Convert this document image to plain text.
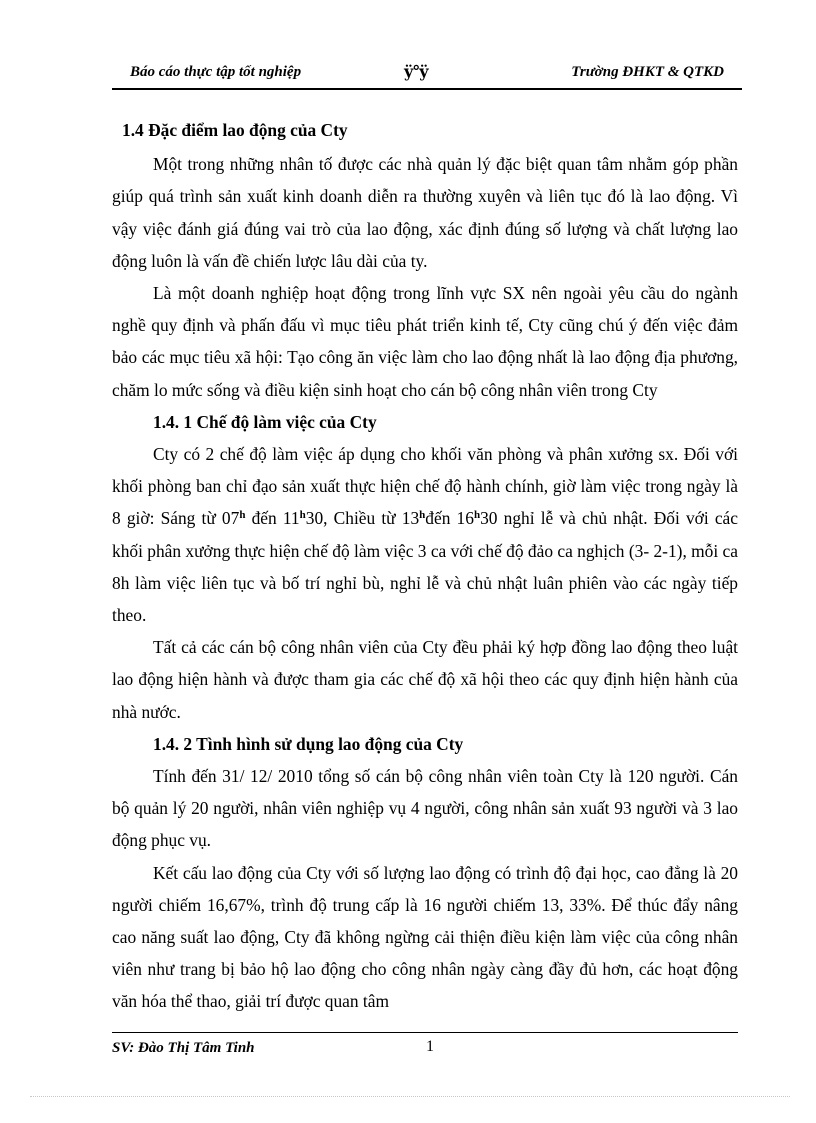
Báo cáo thực tập tốt nghiệp	ÿ°ÿ	Trường ĐHKT & QTKD
1.4 Đặc điểm lao động của Cty

Một trong những nhân tố được các nhà quản lý đặc biệt quan tâm nhằm góp phần giúp quá trình sản xuất kinh doanh diễn ra thường xuyên và liên tục đó là lao động. Vì vậy việc đánh giá đúng vai trò của lao động, xác định đúng số lượng và chất lượng lao động luôn là vấn đề chiến lược lâu dài của ty.

Là một doanh nghiệp hoạt động trong lĩnh vực SX nên ngoài yêu cầu do ngành nghề quy định và phấn đấu vì mục tiêu phát triển kinh tế, Cty cũng chú ý đến việc đảm bảo các mục tiêu xã hội: Tạo công ăn việc làm cho lao động nhất là lao động địa phương, chăm lo mức sống và điều kiện sinh hoạt cho cán bộ công nhân viên trong Cty

1.4. 1 Chế độ làm việc của Cty

Cty có 2 chế độ làm việc áp dụng cho khối văn phòng và phân xưởng sx. Đối với khối phòng ban chỉ đạo sản xuất thực hiện chế độ hành chính, giờ làm việc trong ngày là 8 giờ: Sáng từ 07$^h$ đến 11$^h$30, Chiều từ 13$^h$đến 16$^h$30 nghỉ lễ và chủ nhật. Đối với các khối phân xưởng thực hiện chế độ làm việc 3 ca với chế độ đảo ca nghịch (3- 2-1), mỗi ca 8h làm việc liên tục và bố trí nghỉ bù, nghỉ lễ và chủ nhật luân phiên vào các ngày tiếp theo.

Tất cả các cán bộ công nhân viên của Cty đều phải ký hợp đồng lao động theo luật lao động hiện hành và được tham gia các chế độ xã hội theo các quy định hiện hành của nhà nước.

1.4. 2 Tình hình sử dụng lao động của Cty

Tính đến 31/ 12/ 2010 tổng số cán bộ công nhân viên toàn Cty là 120 người. Cán bộ quản lý 20 người, nhân viên nghiệp vụ 4 người, công nhân sản xuất 93 người và 3 lao động phục vụ.

Kết cấu lao động của Cty với số lượng lao động có trình độ đại học, cao đẳng là 20 người chiếm 16,67%, trình độ trung cấp là 16 người chiếm 13, 33%. Để thúc đẩy nâng cao năng suất lao động, Cty đã không ngừng cải thiện điều kiện làm việc của công nhân viên như trang bị bảo hộ lao động cho công nhân ngày càng đầy đủ hơn, các hoạt động văn hóa thể thao, giải trí được quan tâm

SV: Đào Thị Tâm Tinh	1
